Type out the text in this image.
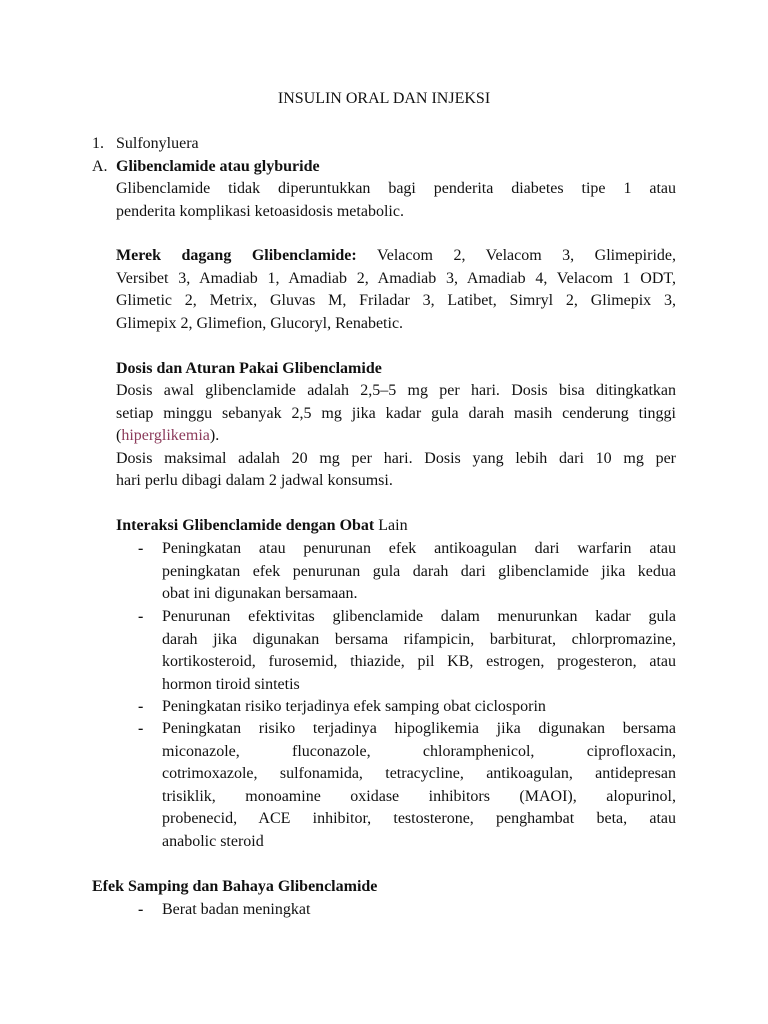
INSULIN ORAL DAN INJEKSI
1. Sulfonyluera
A. Glibenclamide atau glyburide

Glibenclamide tidak diperuntukkan bagi penderita diabetes tipe 1 atau

penderita komplikasi ketoasidosis metabolic.

Merek dagang Glibenclamide: Velacom 2, Velacom 3, Glimepiride,

Versibet 3, Amadiab 1, Amadiab 2, Amadiab 3, Amadiab 4, Velacom 1 ODT,

Glimetic 2, Metrix, Gluvas M, Friladar 3, Latibet, Simryl 2, Glimepix 3,

Glimepix 2, Glimefion, Glucoryl, Renabetic.

Dosis dan Aturan Pakai Glibenclamide

Dosis awal glibenclamide adalah 2,5–5 mg per hari. Dosis bisa ditingkatkan

setiap minggu sebanyak 2,5 mg jika kadar gula darah masih cenderung tinggi

(hiperglikemia).

Dosis maksimal adalah 20 mg per hari. Dosis yang lebih dari 10 mg per

hari perlu dibagi dalam 2 jadwal konsumsi.

Interaksi Glibenclamide dengan Obat Lain
- Peningkatan atau penurunan efek antikoagulan dari warfarin atau

peningkatan efek penurunan gula darah dari glibenclamide jika kedua

obat ini digunakan bersamaan.

- Penurunan efektivitas glibenclamide dalam menurunkan kadar gula

darah jika digunakan bersama rifampicin, barbiturat, chlorpromazine,

kortikosteroid, furosemid, thiazide, pil KB, estrogen, progesteron, atau

hormon tiroid sintetis

- Peningkatan risiko terjadinya efek samping obat ciclosporin

- Peningkatan risiko terjadinya hipoglikemia jika digunakan bersama

miconazole, fluconazole, chloramphenicol, ciprofloxacin,

cotrimoxazole, sulfonamida, tetracycline, antikoagulan, antidepresan

trisiklik, monoamine oxidase inhibitors (MAOI), alopurinol,

probenecid, ACE inhibitor, testosterone, penghambat beta, atau

anabolic steroid

Efek Samping dan Bahaya Glibenclamide
- Berat badan meningkat
